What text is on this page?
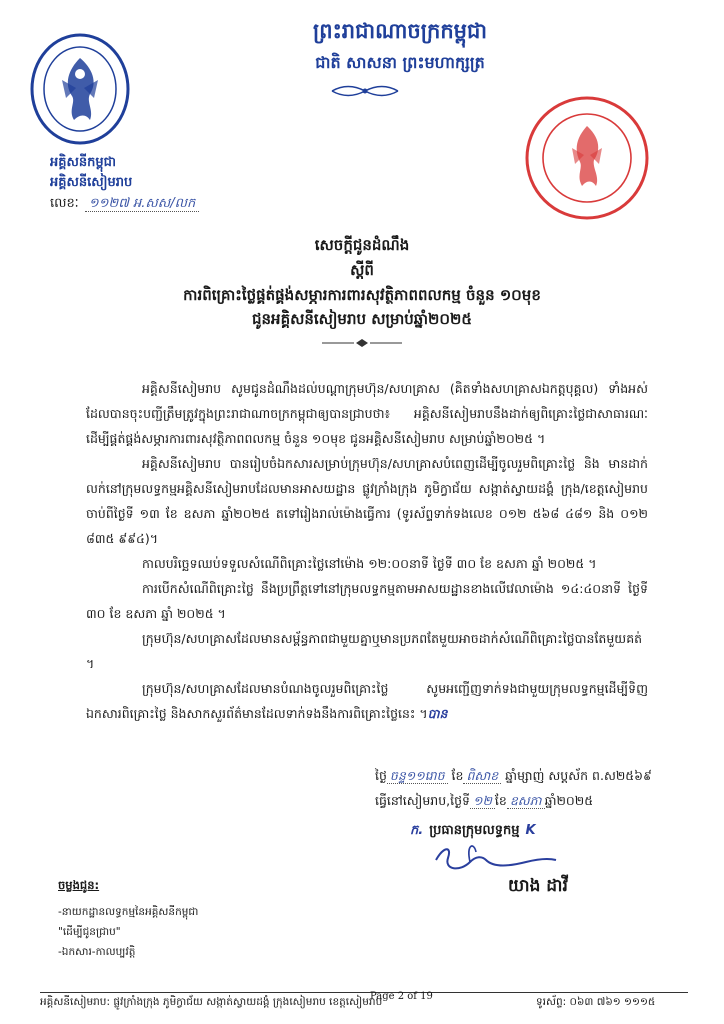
ព្រះរាជាណាចក្រកម្ពុជា
ជាតិ សាសនា ព្រះមហាក្សត្រ
អគ្គិសនីកម្ពុជា
អគ្គិសនីសៀមរាប
លេខៈ ១១២៧ អ.សស/លក
សេចក្តីជូនដំណឹង
ស្តីពី
ការពិគ្រោះថ្លៃផ្គត់ផ្គង់សម្ភារការពារសុវត្ថិភាពពលកម្ម ចំនួន ១០មុខ
ជូនអគ្គិសនីសៀមរាប សម្រាប់ឆ្នាំ២០២៥

អគ្គិសនីសៀមរាប សូមជូនដំណឹងដល់បណ្តាក្រុមហ៊ុន/សហគ្រាស (គិតទាំងសហគ្រាសឯកត្តបុគ្គល) ទាំងអស់ដែលបានចុះបញ្ជីត្រឹមត្រូវក្នុងព្រះរាជាណាចក្រកម្ពុជាឲ្យបានជ្រាបថា៖ អគ្គិសនីសៀមរាបនឹងដាក់ឲ្យពិគ្រោះថ្លៃជាសាធារណៈដើម្បីផ្គត់ផ្គង់សម្ភារការពារសុវត្ថិភាពពលកម្ម ចំនួន ១០មុខ ជូនអគ្គិសនីសៀមរាប សម្រាប់ឆ្នាំ២០២៥ ។

អគ្គិសនីសៀមរាប បានរៀបចំឯកសារសម្រាប់ក្រុមហ៊ុន/សហគ្រាសបំពេញដើម្បីចូលរួមពិគ្រោះថ្លៃ និង មានដាក់លក់នៅក្រុមលទ្ធកម្មអគ្គិសនីសៀមរាបដែលមានអាសយដ្ឋាន ផ្លូវក្រាំងក្រុង ភូមិក្វាជ័យ សង្កាត់ស្វាយដង្គំ ក្រុង/ខេត្តសៀមរាប ចាប់ពីថ្ងៃទី ១៣ ខែ ឧសភា ឆ្នាំ២០២៥ តទៅរៀងរាល់ម៉ោងធ្វើការ (ទូរស័ព្ទទាក់ទងលេខ ០១២ ៥៦៨ ៤៨១ និង ០១២ ៨៣៥ ៩៩៤)។

កាលបរិច្ឆេទឈប់ទទួលសំណើពិគ្រោះថ្លៃនៅម៉ោង ១២:០០នាទី ថ្ងៃទី ៣០ ខែ ឧសភា ឆ្នាំ ២០២៥ ។

ការបើកសំណើពិគ្រោះថ្លៃ នឹងប្រព្រឹត្តទៅនៅក្រុមលទ្ធកម្មតាមអាសយដ្ឋានខាងលើវេលាម៉ោង ១៤:៤០នាទី ថ្ងៃទី ៣០ ខែ ឧសភា ឆ្នាំ ២០២៥ ។

ក្រុមហ៊ុន/សហគ្រាសដែលមានសម្ព័ន្ធភាពជាមួយគ្នាឬមានប្រភពតែមួយអាចដាក់សំណើពិគ្រោះថ្លៃបានតែមួយគត់ ។

ក្រុមហ៊ុន/សហគ្រាសដែលមានបំណងចូលរួមពិគ្រោះថ្លៃ សូមអញ្ជើញទាក់ទងជាមួយក្រុមលទ្ធកម្មដើម្បីទិញឯកសារពិគ្រោះថ្លៃ និងសាកសួរព័ត៌មានដែលទាក់ទងនឹងការពិគ្រោះថ្លៃនេះ ។បាន

ថ្ងៃ ចន្ទ១១រោច ខែ ពិសាខ ឆ្នាំម្សាញ់ សប្តស័ក ព.ស២៥៦៩
ធ្វើនៅសៀមរាប,ថ្ងៃទី ១២ ខែ ឧសភា ឆ្នាំ២០២៥
ក. ប្រធានក្រុមលទ្ធកម្ម K
យាង ដាវី
ចម្លងជូន:
-នាយកដ្ឋានលទ្ធកម្មនៃអគ្គិសនីកម្ពុជា
"ដើម្បីជូនជ្រាប"
-ឯកសារ-កាលប្បវត្តិ
អគ្គិសនីសៀមរាប: ផ្លូវក្រាំងក្រុង ភូមិក្វាជ័យ សង្កាត់ស្វាយដង្គំ ក្រុងសៀមរាប ខេត្តសៀមរាប
Page 2 of 19	ទូរស័ព្ទ: ០៦៣ ៧៦១ ១១១៥
